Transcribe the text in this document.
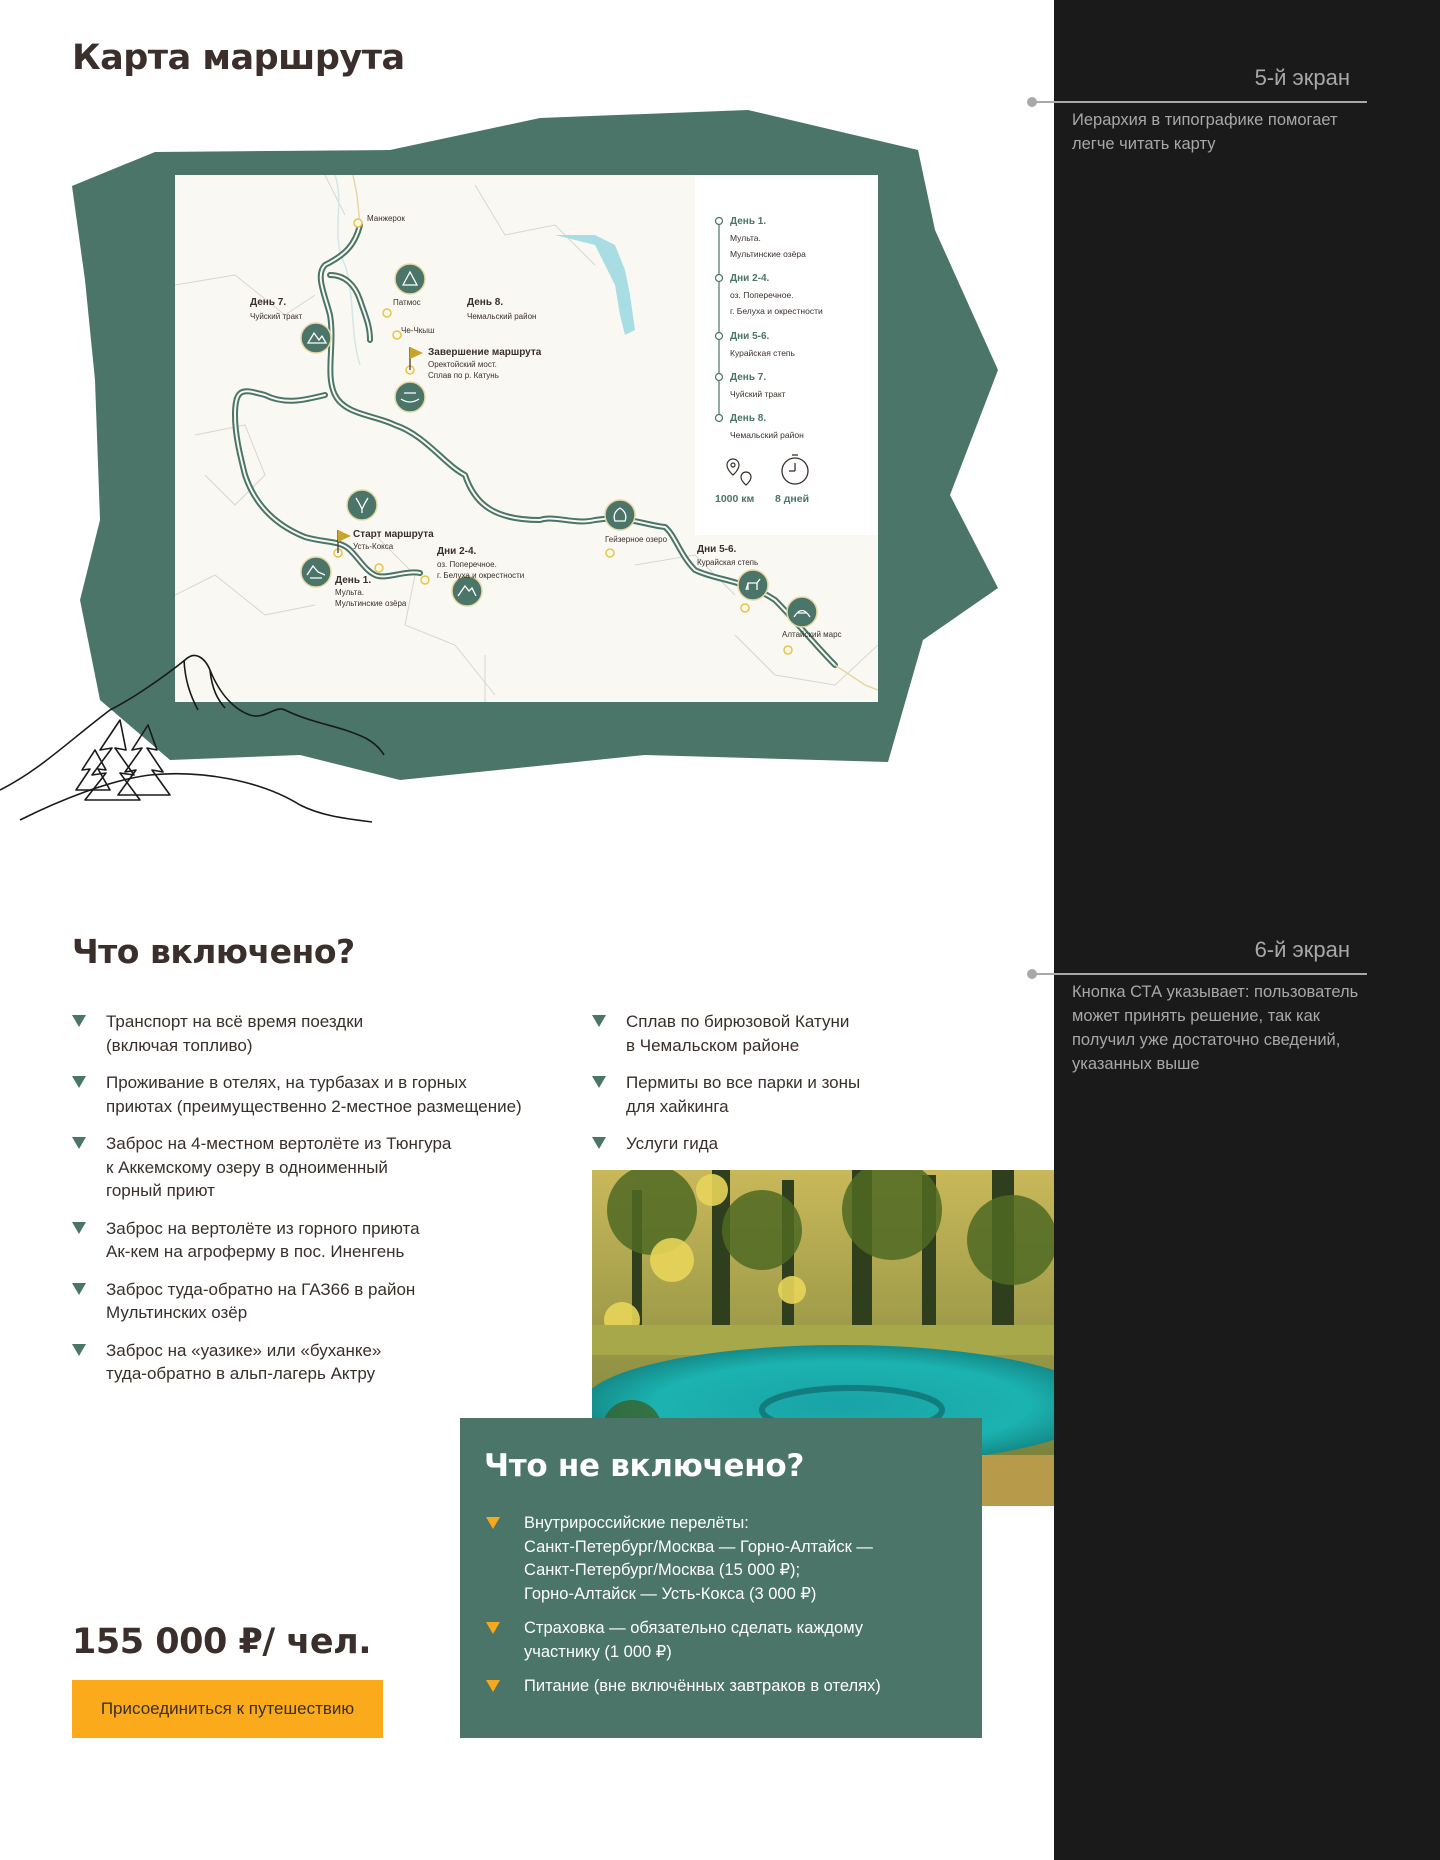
5-й экран
Иерархия в типографике помогает легче читать карту
6-й экран
Кнопка СТА указывает: пользователь может принять решение, так как получил уже достаточно сведений, указанных выше
Карта маршрута
Манжерок
Патмос
Че-Чкыш
Гейзерное озеро
Алтайский марс
День 7.
Чуйский тракт
День 8.
Чемальский район
Завершение маршрута
Оректойский мост.
Сплав по р. Катунь
Старт маршрута
Усть-Кокса
День 1.
Мульта.
Мультинские озёра
Дни 2-4.
оз. Поперечное.
г. Белуха и окрестности
Дни 5-6.
Курайская степь
День 1.
Мульта.
Мультинские озёра
Дни 2-4.
оз. Поперечное.
г. Белуха и окрестности
Дни 5-6.
Курайская степь
День 7.
Чуйский тракт
День 8.
Чемальский район
1000 км 8 дней
Что включено?
Транспорт на всё время поездки
(включая топливо)
Проживание в отелях, на турбазах и в горных
приютах (преимущественно 2-местное размещение)
Заброс на 4-местном вертолёте из Тюнгура
к Аккемскому озеру в одноименный
горный приют
Заброс на вертолёте из горного приюта
Ак-кем на агроферму в пос. Иненгень
Заброс туда-обратно на ГАЗ66 в район
Мультинских озёр
Заброс на «уазике» или «буханке»
туда-обратно в альп-лагерь Актру
Сплав по бирюзовой Катуни
в Чемальском районе
Пермиты во все парки и зоны
для хайкинга
Услуги гида
Что не включено?
Внутрироссийские перелёты:
Санкт-Петербург/Москва — Горно-Алтайск —
Санкт-Петербург/Москва (15 000 ₽);
Горно-Алтайск — Усть-Кокса (3 000 ₽)
Страховка — обязательно сделать каждому
участнику (1 000 ₽)
Питание (вне включённых завтраков в отелях)
155 000 ₽/ чел.
Присоединиться к путешествию
